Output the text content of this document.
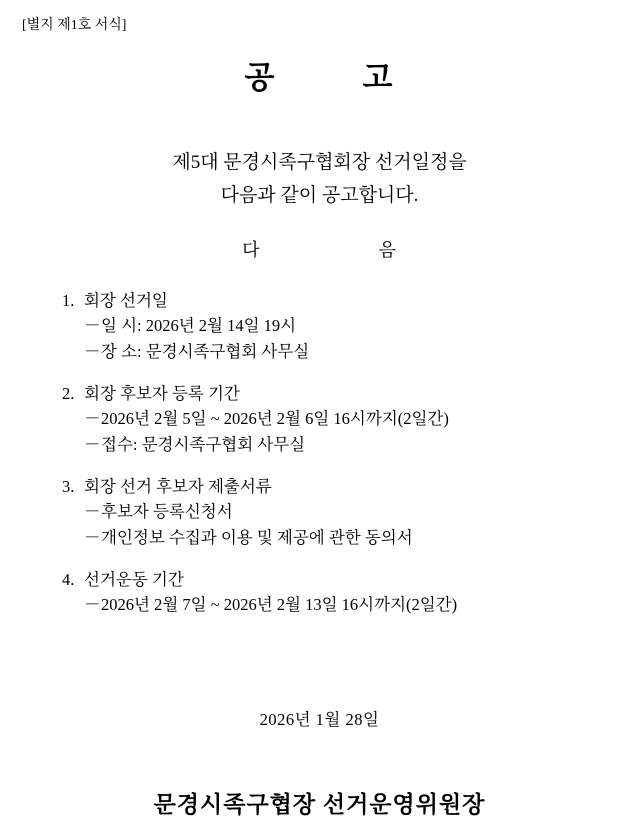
[별지 제1호 서식]
공	고
제5대 문경시족구협회장 선거일정을
다음과 같이 공고합니다.
다	음
1. 회장 선거일
－일 시: 2026년 2월 14일 19시
－장 소: 문경시족구협회 사무실
2. 회장 후보자 등록 기간
－2026년 2월 5일 ~ 2026년 2월 6일 16시까지(2일간)
－접수: 문경시족구협회 사무실
3. 회장 선거 후보자 제출서류
－후보자 등록신청서
－개인정보 수집과 이용 및 제공에 관한 동의서
4. 선거운동 기간
－2026년 2월 7일 ~ 2026년 2월 13일 16시까지(2일간)
2026년 1월 28일
문경시족구협장 선거운영위원장
